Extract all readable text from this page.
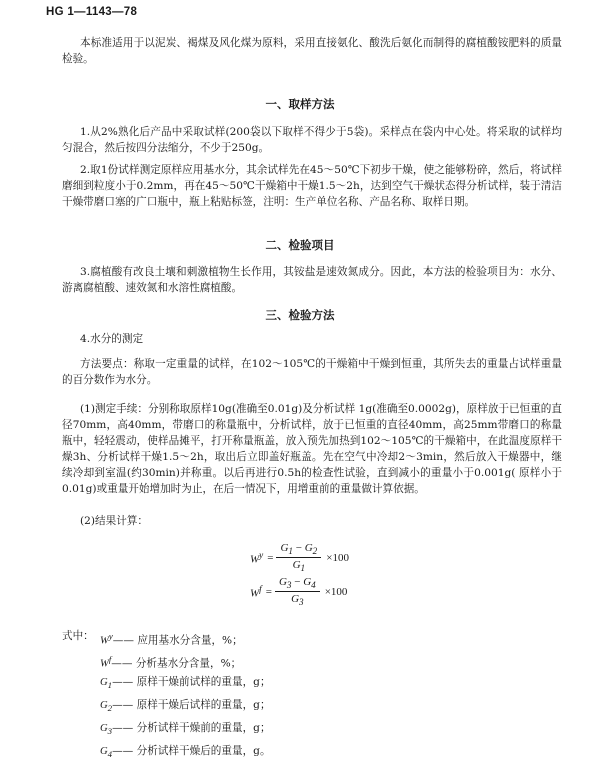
HG 1—1143—78
本标准适用于以泥炭、褐煤及风化煤为原料，采用直接氨化、酸洗后氨化而制得的腐植酸铵肥料的质量检验。
一、取样方法
1.从2%熟化后产品中采取试样(200袋以下取样不得少于5袋)。采样点在袋内中心处。将采取的试样均匀混合，然后按四分法缩分，不少于250g。
2.取1份试样测定原样应用基水分，其余试样先在45～50℃下初步干燥，使之能够粉碎，然后，将试样磨细到粒度小于0.2mm，再在45～50℃干燥箱中干燥1.5～2h，达到空气干燥状态得分析试样，装于清洁干燥带磨口塞的广口瓶中，瓶上粘贴标签，注明：生产单位名称、产品名称、取样日期。
二、检验项目
3.腐植酸有改良土壤和刺激植物生长作用，其铵盐是速效氮成分。因此，本方法的检验项目为：水分、游离腐植酸、速效氮和水溶性腐植酸。
三、检验方法
4.水分的测定
方法要点：称取一定重量的试样，在102～105℃的干燥箱中干燥到恒重，其所失去的重量占试样重量的百分数作为水分。
(1)测定手续：分别称取原样10g(准确至0.01g)及分析试样 1g(准确至0.0002g)，原样放于已恒重的直径70mm，高40mm，带磨口的称量瓶中，分析试样，放于已恒重的直径40mm，高25mm带磨口的称量瓶中，轻轻震动，使样品摊平，打开称量瓶盖，放入预先加热到102～105℃的干燥箱中，在此温度原样干燥3h、分析试样干燥1.5～2h，取出后立即盖好瓶盖。先在空气中冷却2～3min，然后放入干燥器中，继续冷却到室温(约30min)并称重。以后再进行0.5h的检查性试验，直到减小的重量小于0.001g( 原样小于0.01g)或重量开始增加时为止，在后一情况下，用增重前的重量做计算依据。
(2)结果计算：
$W^y = \frac{G_1 - G_2}{G_1} \times 100$
$W^f = \frac{G_3 - G_4}{G_3} \times 100$
式中： $W^y——$ 应用基水分含量，%；
$W^f——$ 分析基水分含量，%；
$G_1——$ 原样干燥前试样的重量，g；
$G_2——$ 原样干燥后试样的重量，g；
$G_3——$ 分析试样干燥前的重量，g；
$G_4——$ 分析试样干燥后的重量，g。
